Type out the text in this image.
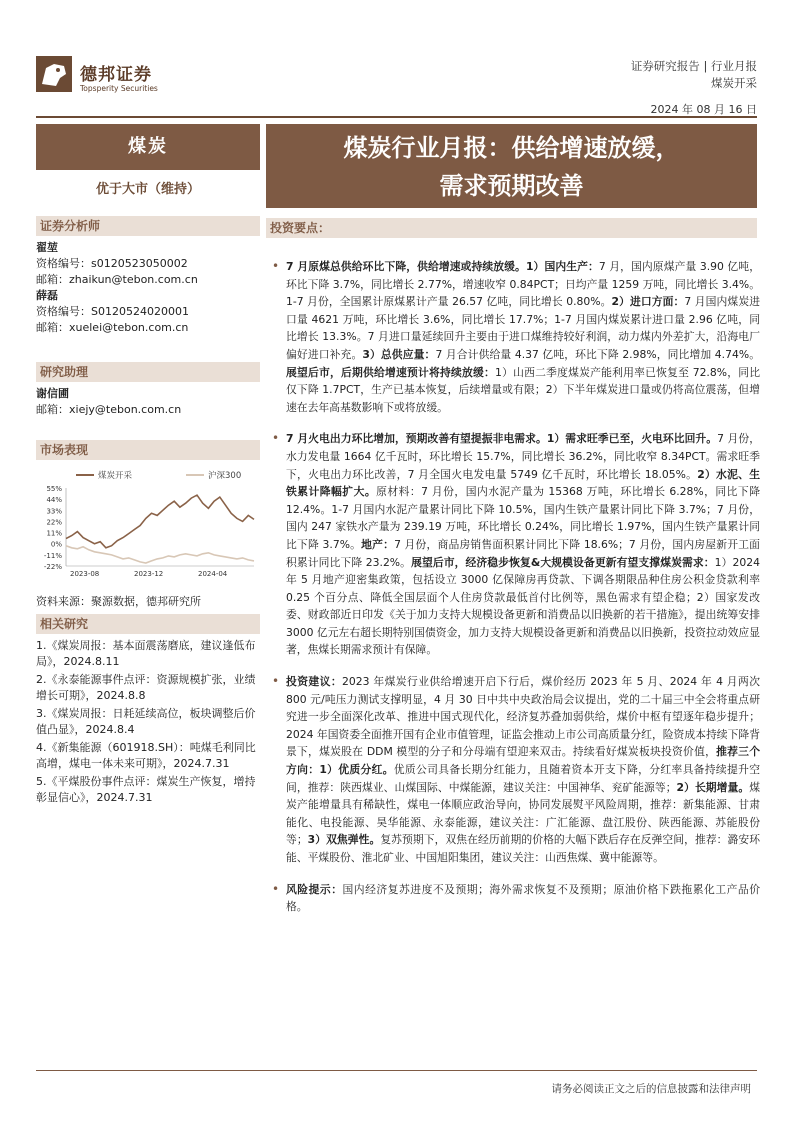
德邦证券
Topsperity Securities
证券研究报告 | 行业月报
煤炭开采
2024 年 08 月 16 日
煤炭
优于大市（维持）
煤炭行业月报：供给增速放缓，
需求预期改善
证券分析师
翟堃
资格编号：s0120523050002
邮箱：zhaikun@tebon.com.cn
薛磊
资格编号：S0120524020001
邮箱：xuelei@tebon.com.cn
研究助理
谢信圃
邮箱：xiejy@tebon.com.cn
市场表现
煤炭开采	沪深300
55%
44%
33%
22%
11%
0%
-11%
-22%
2023-08	2023-12	2024-04
资料来源：聚源数据，德邦研究所
相关研究
1.《煤炭周报：基本面震荡磨底，建议逢低布局》，2024.8.11
2.《永泰能源事件点评：资源规模扩张，业绩增长可期》，2024.8.8
3.《煤炭周报：日耗延续高位，板块调整后价值凸显》，2024.8.4
4.《新集能源（601918.SH）：吨煤毛利同比高增，煤电一体未来可期》，2024.7.31
5.《平煤股份事件点评：煤炭生产恢复，增持彰显信心》，2024.7.31
投资要点：
• 7 月原煤总供给环比下降，供给增速或持续放缓。1）国内生产：7 月，国内原煤产量 3.90 亿吨，环比下降 3.7%，同比增长 2.77%，增速收窄 0.84PCT；日均产量 1259 万吨，同比增长 3.4%。1-7 月份，全国累计原煤累计产量 26.57 亿吨，同比增长 0.80%。2）进口方面：7 月国内煤炭进口量 4621 万吨，环比增长 3.6%，同比增长 17.7%；1-7 月国内煤炭累计进口量 2.96 亿吨，同比增长 13.3%。7 月进口量延续回升主要由于进口煤维持较好利润，动力煤内外差扩大，沿海电厂偏好进口补充。3）总供应量：7 月合计供给量 4.37 亿吨，环比下降 2.98%，同比增加 4.74%。展望后市，后期供给增速预计将持续放缓：1）山西二季度煤炭产能利用率已恢复至 72.8%，同比仅下降 1.7PCT，生产已基本恢复，后续增量或有限；2）下半年煤炭进口量或仍将高位震荡，但增速在去年高基数影响下或将放缓。
• 7 月火电出力环比增加，预期改善有望提振非电需求。1）需求旺季已至，火电环比回升。7 月份，水力发电量 1664 亿千瓦时，环比增长 15.7%，同比增长 36.2%，同比收窄 8.34PCT。需求旺季下，火电出力环比改善，7 月全国火电发电量 5749 亿千瓦时，环比增长 18.05%。2）水泥、生铁累计降幅扩大。原材料：7 月份，国内水泥产量为 15368 万吨，环比增长 6.28%，同比下降 12.4%。1-7 月国内水泥产量累计同比下降 10.5%，国内生铁产量累计同比下降 3.7%；7 月份，国内 247 家铁水产量为 239.19 万吨，环比增长 0.24%，同比增长 1.97%，国内生铁产量累计同比下降 3.7%。地产：7 月份，商品房销售面积累计同比下降 18.6%；7 月份，国内房屋新开工面积累计同比下降 23.2%。展望后市，经济稳步恢复&大规模设备更新有望支撑煤炭需求：1）2024 年 5 月地产迎密集政策，包括设立 3000 亿保障房再贷款、下调各期限品种住房公积金贷款利率 0.25 个百分点、降低全国层面个人住房贷款最低首付比例等，黑色需求有望企稳；2）国家发改委、财政部近日印发《关于加力支持大规模设备更新和消费品以旧换新的若干措施》，提出统筹安排 3000 亿元左右超长期特别国债资金，加力支持大规模设备更新和消费品以旧换新，投资拉动效应显著，焦煤长期需求预计有保障。
• 投资建议：2023 年煤炭行业供给增速开启下行后，煤价经历 2023 年 5 月、2024 年 4 月两次 800 元/吨压力测试支撑明显，4 月 30 日中共中央政治局会议提出，党的二十届三中全会将重点研究进一步全面深化改革、推进中国式现代化，经济复苏叠加弱供给，煤价中枢有望逐年稳步提升；2024 年国资委全面推开国有企业市值管理，证监会推动上市公司高质量分红，险资成本持续下降背景下，煤炭股在 DDM 模型的分子和分母端有望迎来双击。持续看好煤炭板块投资价值，推荐三个方向：1）优质分红。优质公司具备长期分红能力，且随着资本开支下降，分红率具备持续提升空间，推荐：陕西煤业、山煤国际、中煤能源，建议关注：中国神华、兖矿能源等；2）长期增量。煤炭产能增量具有稀缺性，煤电一体顺应政治导向，协同发展熨平风险周期，推荐：新集能源、甘肃能化、电投能源、昊华能源、永泰能源，建议关注：广汇能源、盘江股份、陕西能源、苏能股份等；3）双焦弹性。复苏预期下，双焦在经历前期的价格的大幅下跌后存在反弹空间，推荐：潞安环能、平煤股份、淮北矿业、中国旭阳集团，建议关注：山西焦煤、冀中能源等。
• 风险提示：国内经济复苏进度不及预期；海外需求恢复不及预期；原油价格下跌拖累化工产品价格。
请务必阅读正文之后的信息披露和法律声明
